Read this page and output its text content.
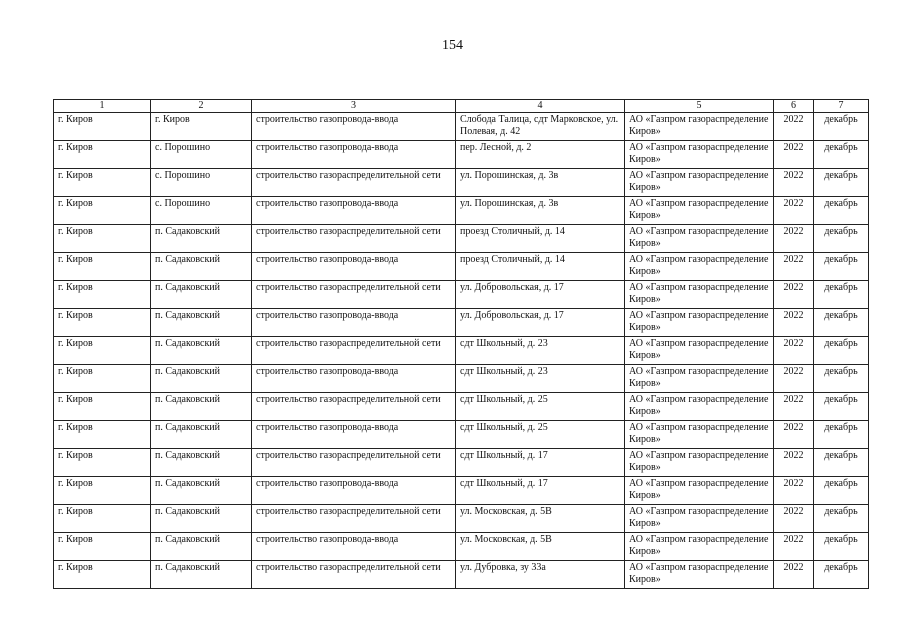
154
1	2	3	4	5	6	7
г. Киров	г. Киров	строительство газопровода-ввода	Слобода Талица, сдт Марковское, ул. Полевая, д. 42	АО «Газпром газораспределение Киров»	2022	декабрь
г. Киров	с. Порошино	строительство газопровода-ввода	пер. Лесной, д. 2	АО «Газпром газораспределение Киров»	2022	декабрь
г. Киров	с. Порошино	строительство газораспределительной сети	ул. Порошинская, д. 3в	АО «Газпром газораспределение Киров»	2022	декабрь
г. Киров	с. Порошино	строительство газопровода-ввода	ул. Порошинская, д. 3в	АО «Газпром газораспределение Киров»	2022	декабрь
г. Киров	п. Садаковский	строительство газораспределительной сети	проезд Столичный, д. 14	АО «Газпром газораспределение Киров»	2022	декабрь
г. Киров	п. Садаковский	строительство газопровода-ввода	проезд Столичный, д. 14	АО «Газпром газораспределение Киров»	2022	декабрь
г. Киров	п. Садаковский	строительство газораспределительной сети	ул. Добровольская, д. 17	АО «Газпром газораспределение Киров»	2022	декабрь
г. Киров	п. Садаковский	строительство газопровода-ввода	ул. Добровольская, д. 17	АО «Газпром газораспределение Киров»	2022	декабрь
г. Киров	п. Садаковский	строительство газораспределительной сети	сдт Школьный, д. 23	АО «Газпром газораспределение Киров»	2022	декабрь
г. Киров	п. Садаковский	строительство газопровода-ввода	сдт Школьный, д. 23	АО «Газпром газораспределение Киров»	2022	декабрь
г. Киров	п. Садаковский	строительство газораспределительной сети	сдт Школьный, д. 25	АО «Газпром газораспределение Киров»	2022	декабрь
г. Киров	п. Садаковский	строительство газопровода-ввода	сдт Школьный, д. 25	АО «Газпром газораспределение Киров»	2022	декабрь
г. Киров	п. Садаковский	строительство газораспределительной сети	сдт Школьный, д. 17	АО «Газпром газораспределение Киров»	2022	декабрь
г. Киров	п. Садаковский	строительство газопровода-ввода	сдт Школьный, д. 17	АО «Газпром газораспределение Киров»	2022	декабрь
г. Киров	п. Садаковский	строительство газораспределительной сети	ул. Московская, д. 5В	АО «Газпром газораспределение Киров»	2022	декабрь
г. Киров	п. Садаковский	строительство газопровода-ввода	ул. Московская, д. 5В	АО «Газпром газораспределение Киров»	2022	декабрь
г. Киров	п. Садаковский	строительство газораспределительной сети	ул. Дубровка, зу 33а	АО «Газпром газораспределение Киров»	2022	декабрь
